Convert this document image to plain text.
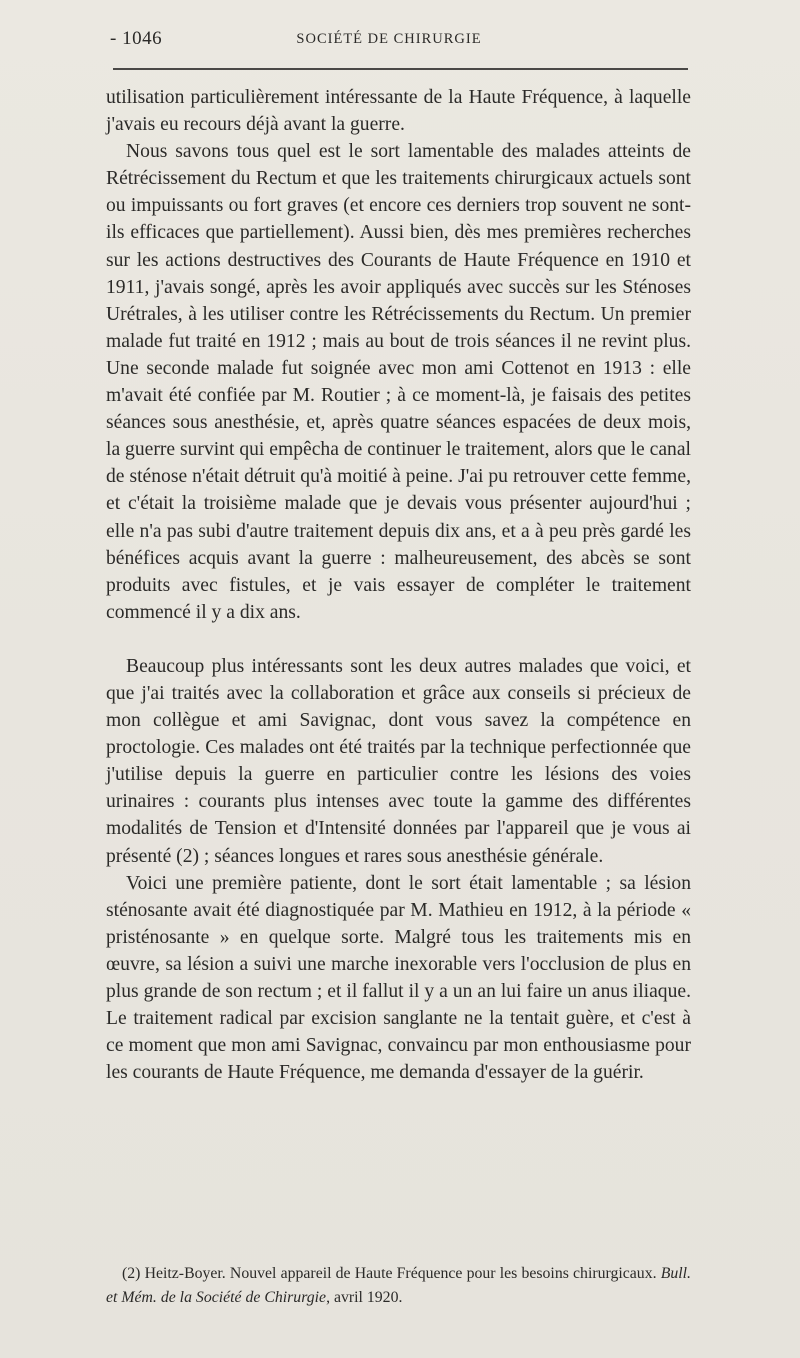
- 1046	SOCIÉTÉ DE CHIRURGIE

utilisation particulièrement intéressante de la Haute Fréquence, à laquelle j'avais eu recours déjà avant la guerre.

Nous savons tous quel est le sort lamentable des malades atteints de Rétrécissement du Rectum et que les traitements chirurgicaux actuels sont ou impuissants ou fort graves (et encore ces derniers trop souvent ne sont-ils efficaces que partiellement). Aussi bien, dès mes premières recherches sur les actions destructives des Courants de Haute Fréquence en 1910 et 1911, j'avais songé, après les avoir appliqués avec succès sur les Sténoses Urétrales, à les utiliser contre les Rétrécissements du Rectum. Un premier malade fut traité en 1912 ; mais au bout de trois séances il ne revint plus. Une seconde malade fut soignée avec mon ami Cottenot en 1913 : elle m'avait été confiée par M. Routier ; à ce moment-là, je faisais des petites séances sous anesthésie, et, après quatre séances espacées de deux mois, la guerre survint qui empêcha de continuer le traitement, alors que le canal de sténose n'était détruit qu'à moitié à peine. J'ai pu retrouver cette femme, et c'était la troisième malade que je devais vous présenter aujourd'hui ; elle n'a pas subi d'autre traitement depuis dix ans, et a à peu près gardé les bénéfices acquis avant la guerre : malheureusement, des abcès se sont produits avec fistules, et je vais essayer de compléter le traitement commencé il y a dix ans.

Beaucoup plus intéressants sont les deux autres malades que voici, et que j'ai traités avec la collaboration et grâce aux conseils si précieux de mon collègue et ami Savignac, dont vous savez la compétence en proctologie. Ces malades ont été traités par la technique perfectionnée que j'utilise depuis la guerre en particulier contre les lésions des voies urinaires : courants plus intenses avec toute la gamme des différentes modalités de Tension et d'Intensité données par l'appareil que je vous ai présenté (2) ; séances longues et rares sous anesthésie générale.

Voici une première patiente, dont le sort était lamentable ; sa lésion sténosante avait été diagnostiquée par M. Mathieu en 1912, à la période « pristénosante » en quelque sorte. Malgré tous les traitements mis en œuvre, sa lésion a suivi une marche inexorable vers l'occlusion de plus en plus grande de son rectum ; et il fallut il y a un an lui faire un anus iliaque. Le traitement radical par excision sanglante ne la tentait guère, et c'est à ce moment que mon ami Savignac, convaincu par mon enthousiasme pour les courants de Haute Fréquence, me demanda d'essayer de la guérir.

(2) Heitz-Boyer. Nouvel appareil de Haute Fréquence pour les besoins chirurgicaux. Bull. et Mém. de la Société de Chirurgie, avril 1920.
